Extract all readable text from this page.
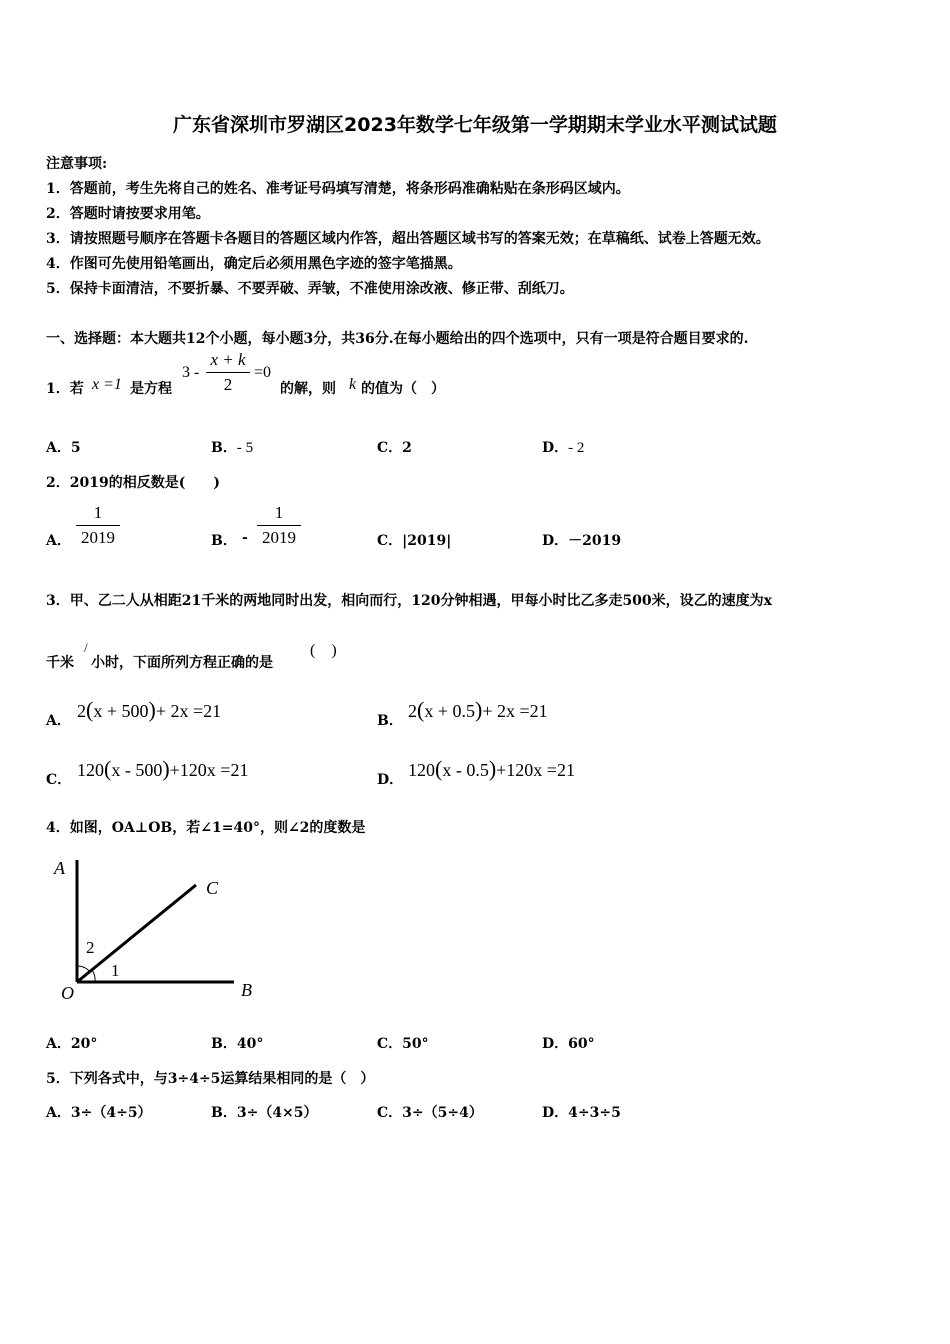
广东省深圳市罗湖区2023年数学七年级第一学期期末学业水平测试试题
注意事项:
1．答题前，考生先将自己的姓名、准考证号码填写清楚，将条形码准确粘贴在条形码区域内。
2．答题时请按要求用笔。
3．请按照题号顺序在答题卡各题目的答题区域内作答，超出答题区域书写的答案无效；在草稿纸、试卷上答题无效。
4．作图可先使用铅笔画出，确定后必须用黑色字迹的签字笔描黑。
5．保持卡面清洁，不要折暴、不要弄破、弄皱，不准使用涂改液、修正带、刮纸刀。
一、选择题：本大题共12个小题，每小题3分，共36分.在每小题给出的四个选项中，只有一项是符合题目要求的.
1．若 x =1 是方程
3 -
x + k
2
=0
的解，则 k 的值为（　）
A．5	B．- 5	C．2	D．- 2
2．2019的相反数是(　　)
A．
1
2019	B． -
1
2019	C．|2019|	D．－2019
3．甲、乙二人从相距21千米的两地同时出发，相向而行，120分钟相遇，甲每小时比乙多走500米，设乙的速度为x
千米
/
小时，下面所列方程正确的是
(　)
A． 2(x + 500)+ 2x =21	B． 2(x + 0.5)+ 2x =21
C． 120(x - 500)+120x =21	D． 120(x - 0.5)+120x =21
4．如图，OA⊥OB，若∠1=40°，则∠2的度数是
A
C
O	B
2
1
A．20°	B．40°	C．50°	D．60°
5．下列各式中，与3÷4÷5运算结果相同的是（　）
A．3÷（4÷5）	B．3÷（4×5）	C．3÷（5÷4）	D．4÷3÷5
